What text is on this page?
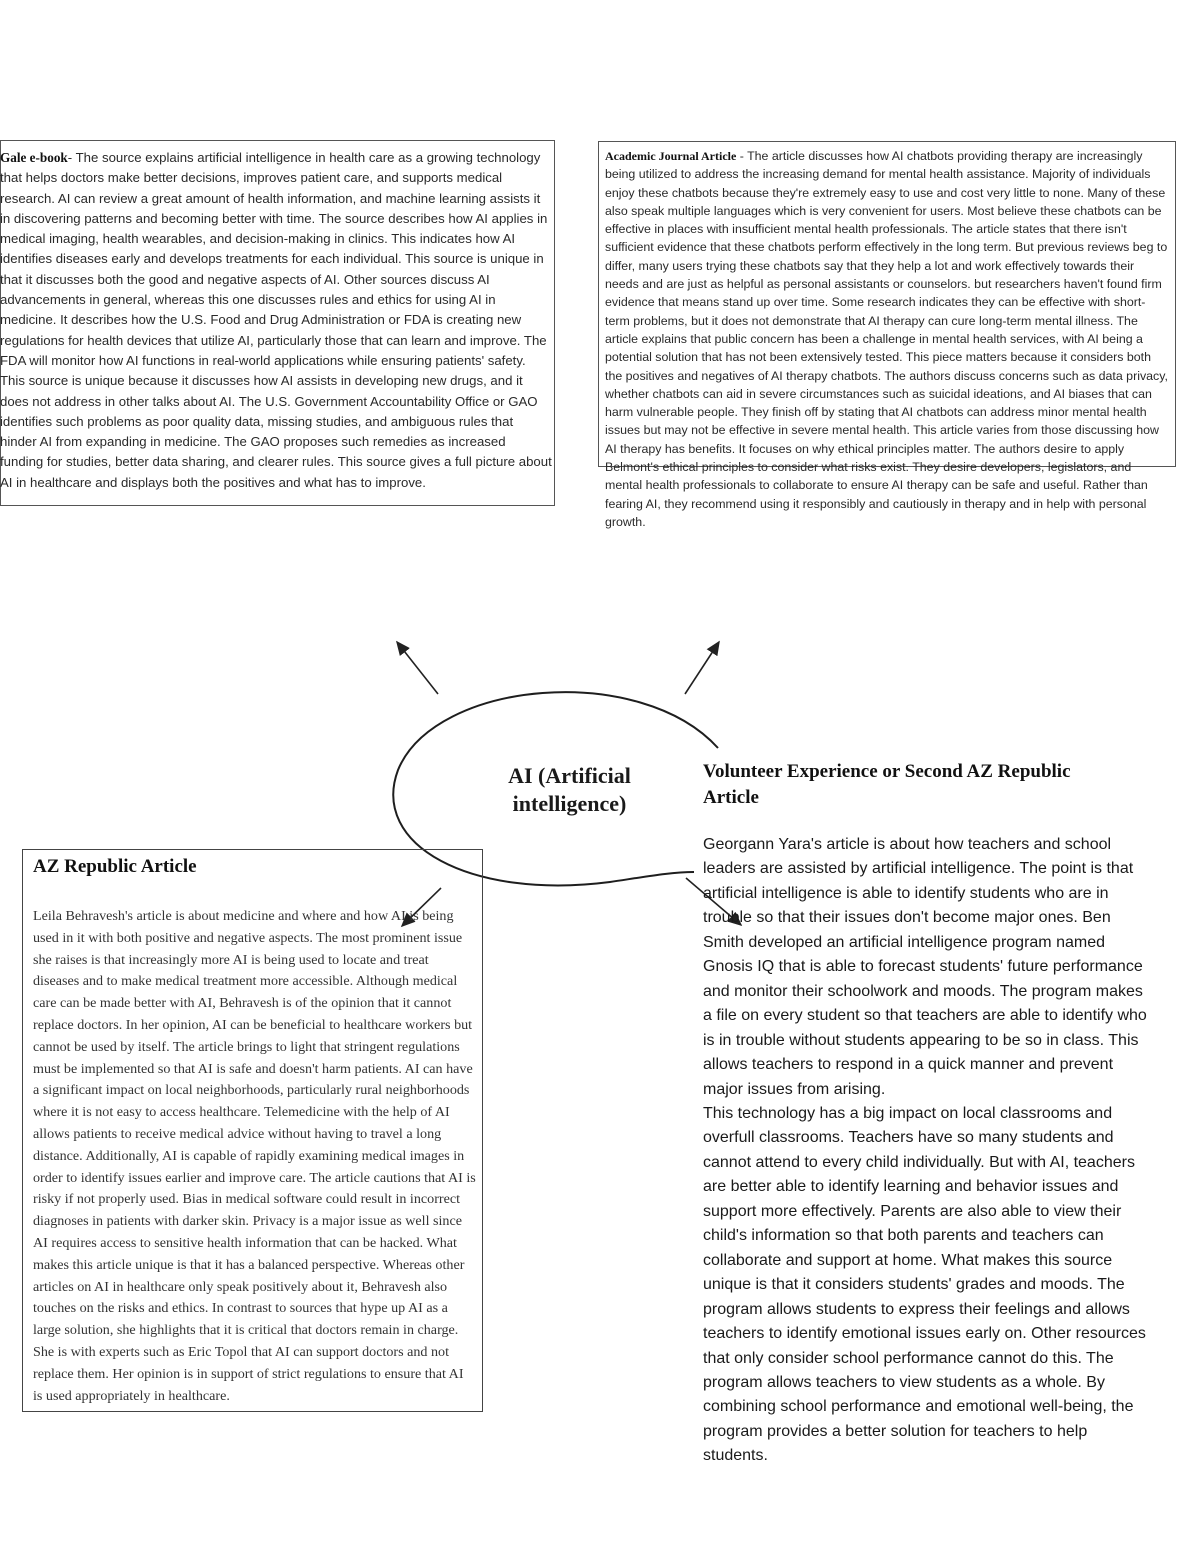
Gale e-book- The source explains artificial intelligence in health care as a growing technology that helps doctors make better decisions, improves patient care, and supports medical research. AI can review a great amount of health information, and machine learning assists it in discovering patterns and becoming better with time. The source describes how AI applies in medical imaging, health wearables, and decision-making in clinics. This indicates how AI identifies diseases early and develops treatments for each individual. This source is unique in that it discusses both the good and negative aspects of AI. Other sources discuss AI advancements in general, whereas this one discusses rules and ethics for using AI in medicine. It describes how the U.S. Food and Drug Administration or FDA is creating new regulations for health devices that utilize AI, particularly those that can learn and improve. The FDA will monitor how AI functions in real-world applications while ensuring patients' safety. This source is unique because it discusses how AI assists in developing new drugs, and it does not address in other talks about AI. The U.S. Government Accountability Office or GAO identifies such problems as poor quality data, missing studies, and ambiguous rules that hinder AI from expanding in medicine. The GAO proposes such remedies as increased funding for studies, better data sharing, and clearer rules. This source gives a full picture about AI in healthcare and displays both the positives and what has to improve.

Academic Journal Article - The article discusses how AI chatbots providing therapy are increasingly being utilized to address the increasing demand for mental health assistance. Majority of individuals enjoy these chatbots because they're extremely easy to use and cost very little to none. Many of these also speak multiple languages which is very convenient for users. Most believe these chatbots can be effective in places with insufficient mental health professionals. The article states that there isn't sufficient evidence that these chatbots perform effectively in the long term. But previous reviews beg to differ, many users trying these chatbots say that they help a lot and work effectively towards their needs and are just as helpful as personal assistants or counselors. but researchers haven't found firm evidence that means stand up over time. Some research indicates they can be effective with short-term problems, but it does not demonstrate that AI therapy can cure long-term mental illness. The article explains that public concern has been a challenge in mental health services, with AI being a potential solution that has not been extensively tested. This piece matters because it considers both the positives and negatives of AI therapy chatbots. The authors discuss concerns such as data privacy, whether chatbots can aid in severe circumstances such as suicidal ideations, and AI biases that can harm vulnerable people. They finish off by stating that AI chatbots can address minor mental health issues but may not be effective in severe mental health. This article varies from those discussing how AI therapy has benefits. It focuses on why ethical principles matter. The authors desire to apply Belmont's ethical principles to consider what risks exist. They desire developers, legislators, and mental health professionals to collaborate to ensure AI therapy can be safe and useful. Rather than fearing AI, they recommend using it responsibly and cautiously in therapy and in help with personal growth.

AI (Artificial intelligence)

AZ Republic Article

Leila Behravesh's article is about medicine and where and how AI is being used in it with both positive and negative aspects. The most prominent issue she raises is that increasingly more AI is being used to locate and treat diseases and to make medical treatment more accessible. Although medical care can be made better with AI, Behravesh is of the opinion that it cannot replace doctors. In her opinion, AI can be beneficial to healthcare workers but cannot be used by itself. The article brings to light that stringent regulations must be implemented so that AI is safe and doesn't harm patients. AI can have a significant impact on local neighborhoods, particularly rural neighborhoods where it is not easy to access healthcare. Telemedicine with the help of AI allows patients to receive medical advice without having to travel a long distance. Additionally, AI is capable of rapidly examining medical images in order to identify issues earlier and improve care. The article cautions that AI is risky if not properly used. Bias in medical software could result in incorrect diagnoses in patients with darker skin. Privacy is a major issue as well since AI requires access to sensitive health information that can be hacked. What makes this article unique is that it has a balanced perspective. Whereas other articles on AI in healthcare only speak positively about it, Behravesh also touches on the risks and ethics. In contrast to sources that hype up AI as a large solution, she highlights that it is critical that doctors remain in charge. She is with experts such as Eric Topol that AI can support doctors and not replace them. Her opinion is in support of strict regulations to ensure that AI is used appropriately in healthcare.

Volunteer Experience or Second AZ Republic Article

Georgann Yara's article is about how teachers and school leaders are assisted by artificial intelligence. The point is that artificial intelligence is able to identify students who are in trouble so that their issues don't become major ones. Ben Smith developed an artificial intelligence program named Gnosis IQ that is able to forecast students' future performance and monitor their schoolwork and moods. The program makes a file on every student so that teachers are able to identify who is in trouble without students appearing to be so in class. This allows teachers to respond in a quick manner and prevent major issues from arising.

This technology has a big impact on local classrooms and overfull classrooms. Teachers have so many students and cannot attend to every child individually. But with AI, teachers are better able to identify learning and behavior issues and support more effectively. Parents are also able to view their child's information so that both parents and teachers can collaborate and support at home. What makes this source unique is that it considers students' grades and moods. The program allows students to express their feelings and allows teachers to identify emotional issues early on. Other resources that only consider school performance cannot do this. The program allows teachers to view students as a whole. By combining school performance and emotional well-being, the program provides a better solution for teachers to help students.
